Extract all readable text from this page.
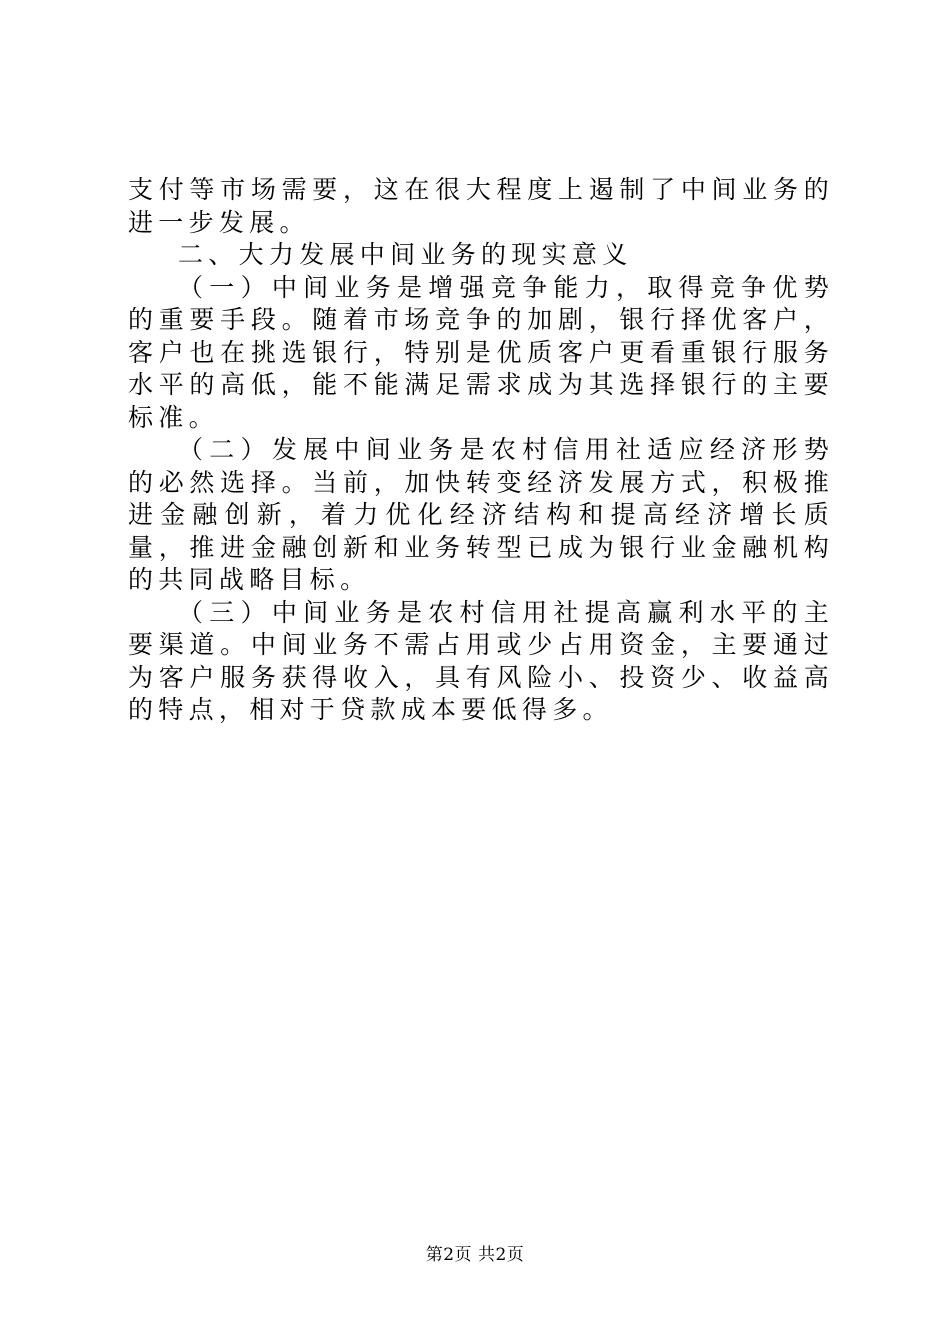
支付等市场需要，这在很大程度上遏制了中间业务的进一步发展。

二、大力发展中间业务的现实意义

（一）中间业务是增强竞争能力，取得竞争优势的重要手段。随着市场竞争的加剧，银行择优客户，客户也在挑选银行，特别是优质客户更看重银行服务水平的高低，能不能满足需求成为其选择银行的主要标准。

（二）发展中间业务是农村信用社适应经济形势的必然选择。当前，加快转变经济发展方式，积极推进金融创新，着力优化经济结构和提高经济增长质量，推进金融创新和业务转型已成为银行业金融机构的共同战略目标。

（三）中间业务是农村信用社提高赢利水平的主要渠道。中间业务不需占用或少占用资金，主要通过为客户服务获得收入，具有风险小、投资少、收益高的特点，相对于贷款成本要低得多。

第2页 共2页
